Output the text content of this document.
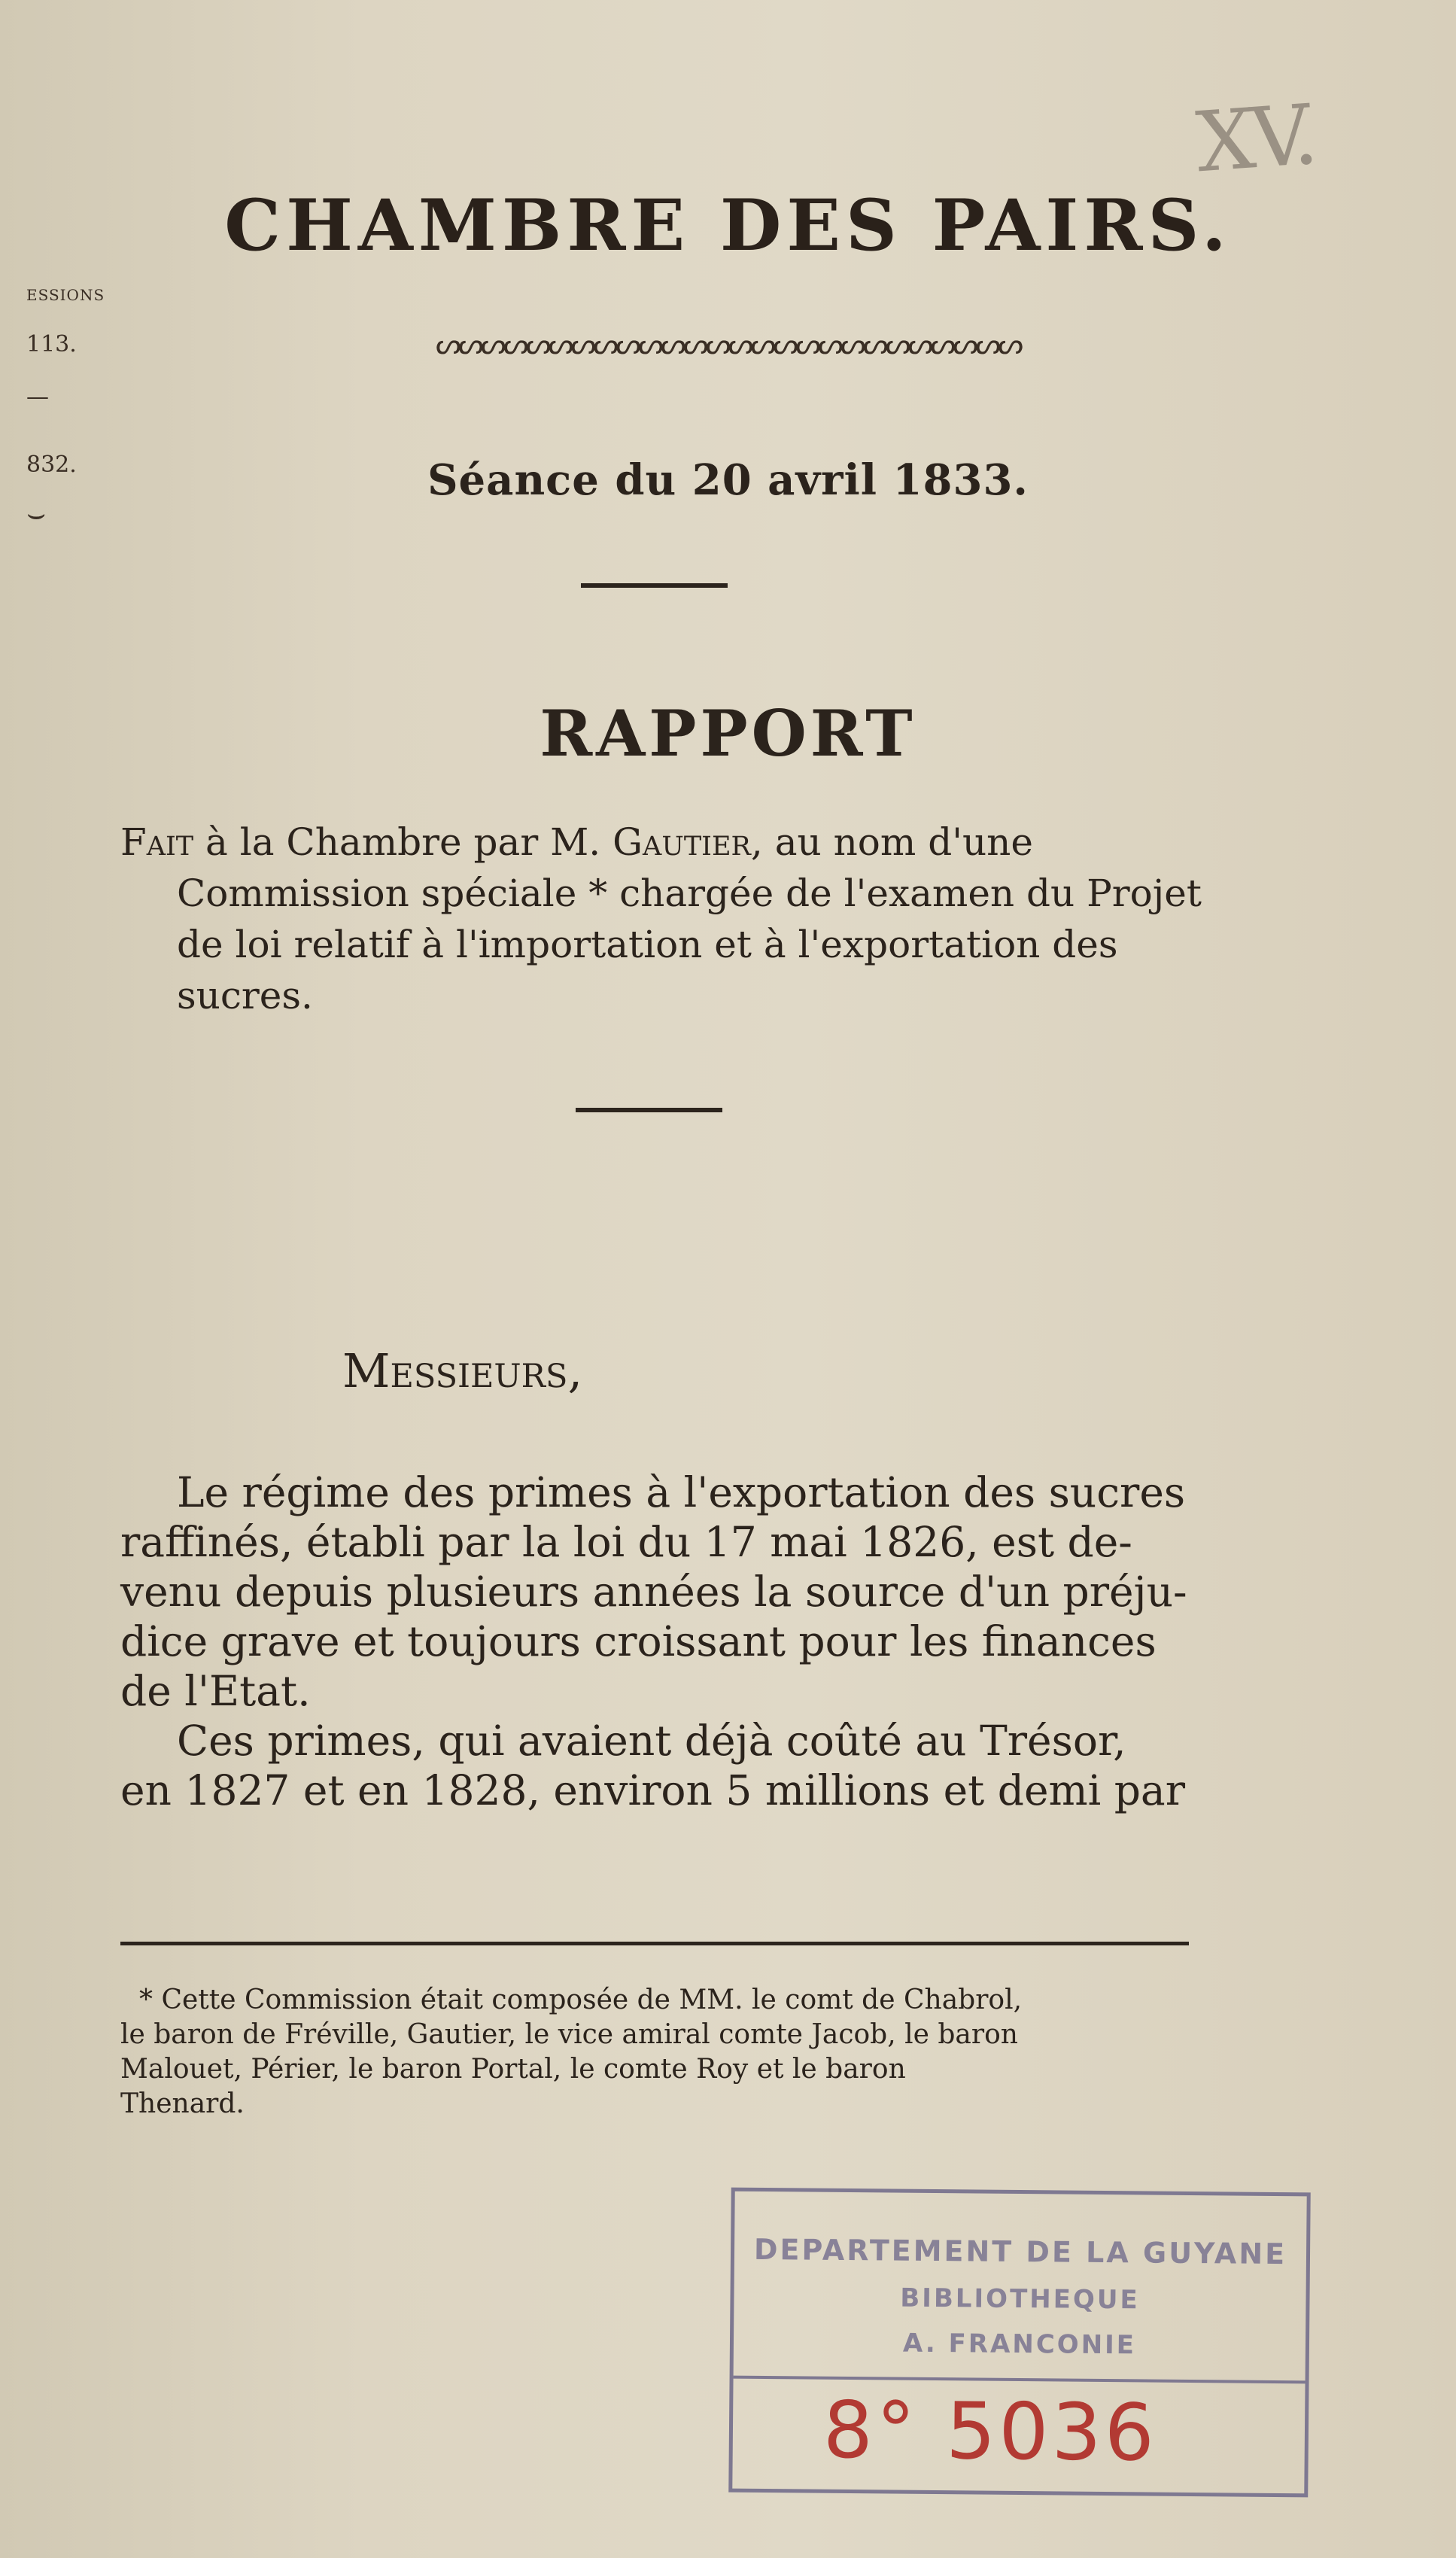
ESSIONS
113.
—
832.
⌣
XV.
CHAMBRE DES PAIRS.
ᔕᔕᔕᔕᔕᔕᔕᔕᔕᔕᔕᔕᔕᔕᔕᔕᔕᔕᔕᔕᔕᔕᔕᔕᔕᔕ
Séance du 20 avril 1833.
RAPPORT
Fait à la Chambre par M. Gautier, au nom d'une
Commission spéciale * chargée de l'examen du Projet
de loi relatif à l'importation et à l'exportation des
sucres.
Messieurs,
Le régime des primes à l'exportation des sucres
raffinés, établi par la loi du 17 mai 1826, est de-
venu depuis plusieurs années la source d'un préju-
dice grave et toujours croissant pour les finances
de l'Etat.
Ces primes, qui avaient déjà coûté au Trésor,
en 1827 et en 1828, environ 5 millions et demi par
* Cette Commission était composée de MM. le comt de Chabrol,
le baron de Fréville, Gautier, le vice amiral comte Jacob, le baron
Malouet, Périer, le baron Portal, le comte Roy et le baron
Thenard.
DEPARTEMENT DE LA GUYANE
BIBLIOTHEQUE
A. FRANCONIE
8° 5036
